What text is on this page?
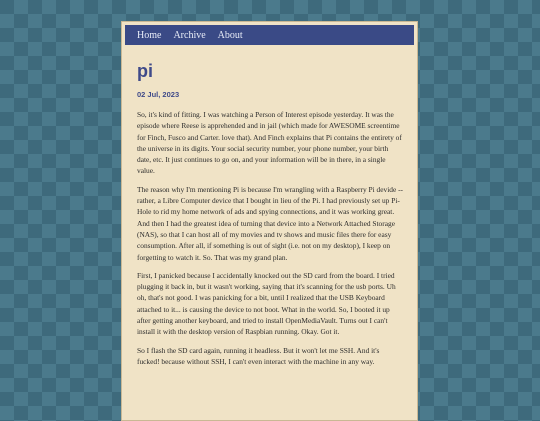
Home Archive About
pi
02 Jul, 2023

So, it's kind of fitting. I was watching a Person of Interest episode yesterday. It was the episode where Reese is apprehended and in jail (which made for AWESOME screentime for Finch, Fusco and Carter. love that). And Finch explains that Pi contains the entirety of the universe in its digits. Your social security number, your phone number, your birth date, etc. It just continues to go on, and your information will be in there, in a single value.

The reason why I'm mentioning Pi is because I'm wrangling with a Raspberry Pi devide -- rather, a Libre Computer device that I bought in lieu of the Pi. I had previously set up Pi-Hole to rid my home network of ads and spying connections, and it was working great. And then I had the greatest idea of turning that device into a Network Attached Storage (NAS), so that I can host all of my movies and tv shows and music files there for easy consumption. After all, if something is out of sight (i.e. not on my desktop), I keep on forgetting to watch it. So. That was my grand plan.

First, I panicked because I accidentally knocked out the SD card from the board. I tried plugging it back in, but it wasn't working, saying that it's scanning for the usb ports. Uh oh, that's not good. I was panicking for a bit, until I realized that the USB Keyboard attached to it... is causing the device to not boot. What in the world. So, I booted it up after getting another keyboard, and tried to install OpenMediaVault. Turns out I can't install it with the desktop version of Raspbian running. Okay. Got it.

So I flash the SD card again, running it headless. But it won't let me SSH. And it's fucked! because without SSH, I can't even interact with the machine in any way.
